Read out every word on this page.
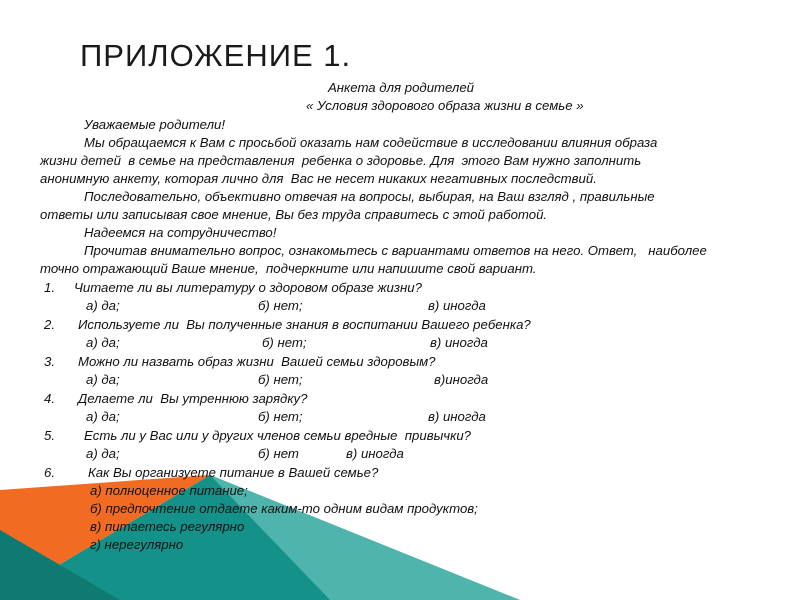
ПРИЛОЖЕНИЕ 1.
Анкета для родителей
« Условия здорового образа жизни в семье »
Уважаемые родители!
Мы обращаемся к Вам с просьбой оказать нам содействие в исследовании влияния образа
жизни детей  в семье на представления  ребенка о здоровье. Для  этого Вам нужно заполнить
анонимную анкету, которая лично для  Вас не несет никаких негативных последствий.
Последовательно, объективно отвечая на вопросы, выбирая, на Ваш взгляд , правильные
ответы или записывая свое мнение, Вы без труда справитесь с этой работой.
Надеемся на сотрудничество!
Прочитав внимательно вопрос, ознакомьтесь с вариантами ответов на него. Ответ,   наиболее
точно отражающий Ваше мнение,  подчеркните или напишите свой вариант.
1. Читаете ли вы литературу о здоровом образе жизни?
а) да;	б) нет;	в) иногда
2. Используете ли  Вы полученные знания в воспитании Вашего ребенка?
а) да;	б) нет;	в) иногда
3. Можно ли назвать образ жизни  Вашей семьи здоровым?
а) да;	б) нет;	в)иногда
4. Делаете ли  Вы утреннюю зарядку?
а) да;	б) нет;	в) иногда
5. Есть ли у Вас или у других членов семьи вредные  привычки?
а) да;	б) нет	в) иногда
6.	Как Вы организуете питание в Вашей семье?
а) полноценное питание;
б) предпочтение отдаете каким-то одним видам продуктов;
в) питаетесь регулярно
г) нерегулярно
